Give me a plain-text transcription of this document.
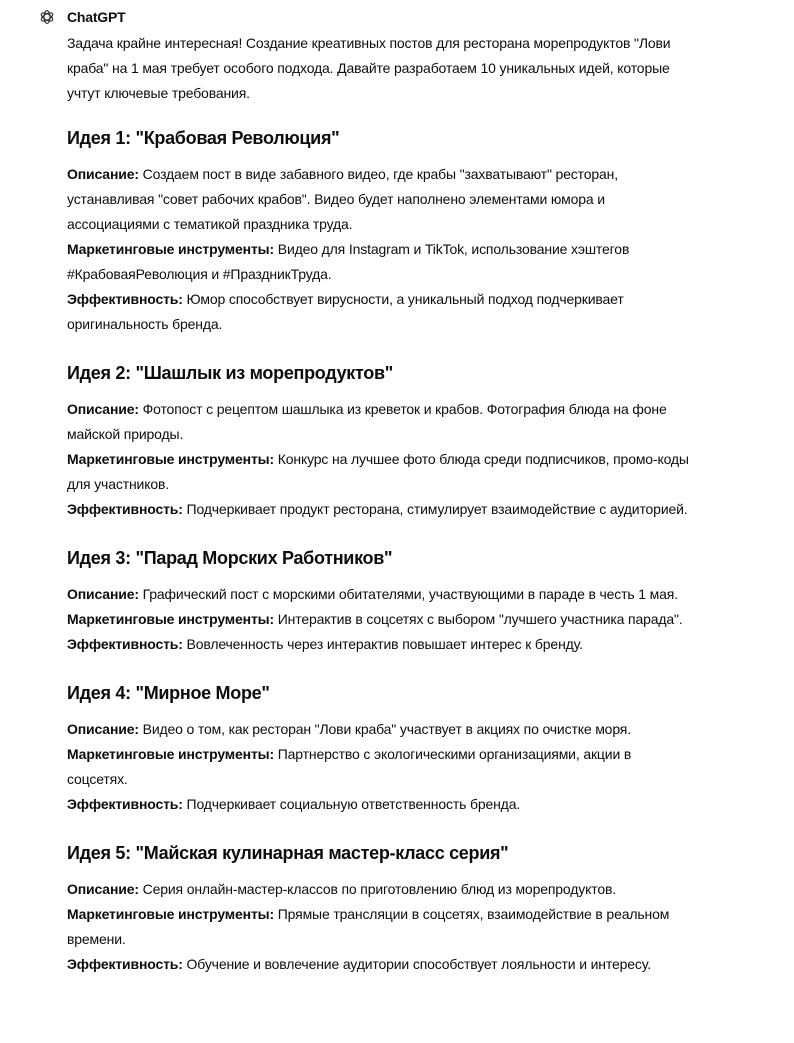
ChatGPT

Задача крайне интересная! Создание креативных постов для ресторана морепродуктов "Лови краба" на 1 мая требует особого подхода. Давайте разработаем 10 уникальных идей, которые учтут ключевые требования.

Идея 1: "Крабовая Революция"

Описание: Создаем пост в виде забавного видео, где крабы "захватывают" ресторан, устанавливая "совет рабочих крабов". Видео будет наполнено элементами юмора и ассоциациями с тематикой праздника труда.

Маркетинговые инструменты: Видео для Instagram и TikTok, использование хэштегов #КрабоваяРеволюция и #ПраздникТруда.

Эффективность: Юмор способствует вирусности, а уникальный подход подчеркивает оригинальность бренда.

Идея 2: "Шашлык из морепродуктов"

Описание: Фотопост с рецептом шашлыка из креветок и крабов. Фотография блюда на фоне майской природы.

Маркетинговые инструменты: Конкурс на лучшее фото блюда среди подписчиков, промо-коды для участников.

Эффективность: Подчеркивает продукт ресторана, стимулирует взаимодействие с аудиторией.

Идея 3: "Парад Морских Работников"

Описание: Графический пост с морскими обитателями, участвующими в параде в честь 1 мая.

Маркетинговые инструменты: Интерактив в соцсетях с выбором "лучшего участника парада".

Эффективность: Вовлеченность через интерактив повышает интерес к бренду.

Идея 4: "Мирное Море"

Описание: Видео о том, как ресторан "Лови краба" участвует в акциях по очистке моря.

Маркетинговые инструменты: Партнерство с экологическими организациями, акции в соцсетях.

Эффективность: Подчеркивает социальную ответственность бренда.

Идея 5: "Майская кулинарная мастер-класс серия"

Описание: Серия онлайн-мастер-классов по приготовлению блюд из морепродуктов.

Маркетинговые инструменты: Прямые трансляции в соцсетях, взаимодействие в реальном времени.

Эффективность: Обучение и вовлечение аудитории способствует лояльности и интересу.
